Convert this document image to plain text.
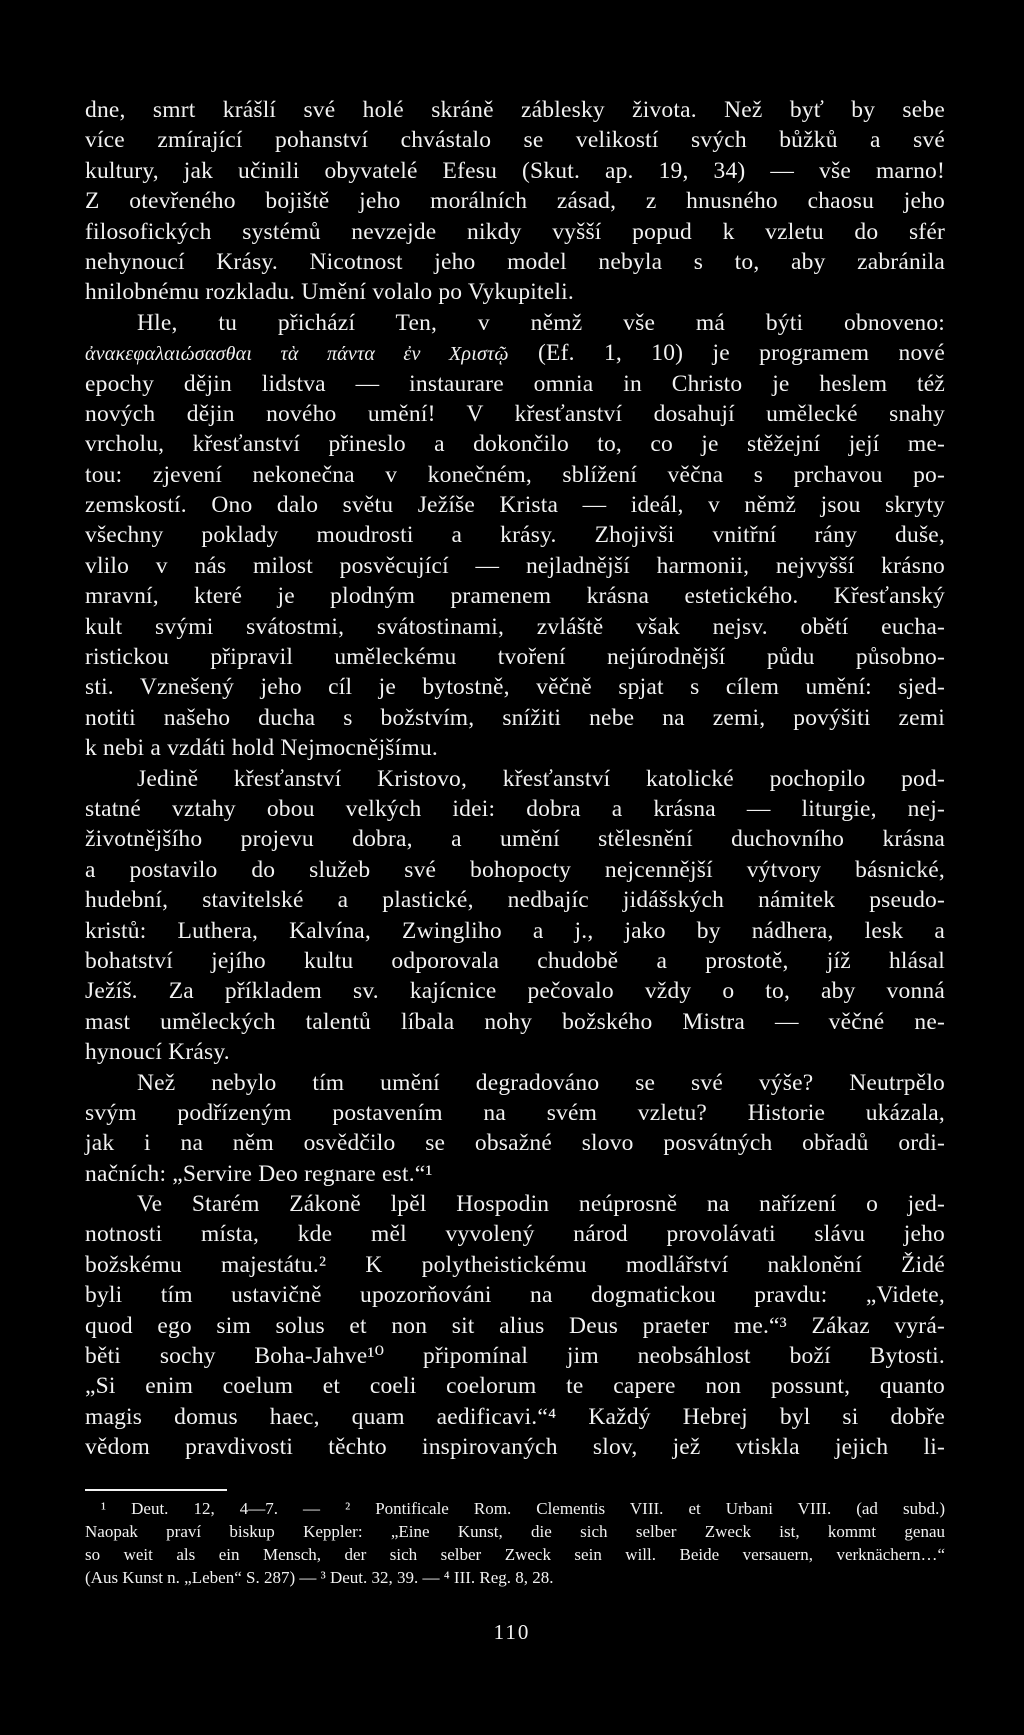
dne, smrt krášlí své holé skráně záblesky života. Než byť by sebe
více zmírající pohanství chvástalo se velikostí svých bůžků a své
kultury, jak učinili obyvatelé Efesu (Skut. ap. 19, 34) — vše marno!
Z otevřeného bojiště jeho morálních zásad, z hnusného chaosu jeho
filosofických systémů nevzejde nikdy vyšší popud k vzletu do sfér
nehynoucí Krásy. Nicotnost jeho model nebyla s to, aby zabránila
hnilobnému rozkladu. Umění volalo po Vykupiteli.
Hle, tu přichází Ten, v němž vše má býti obnoveno:
ἀνακεφαλαιώσασθαι τὰ πάντα ἐν Χριστῷ (Ef. 1, 10) je programem nové
epochy dějin lidstva — instaurare omnia in Christo je heslem též
nových dějin nového umění! V křesťanství dosahují umělecké snahy
vrcholu, křesťanství přineslo a dokončilo to, co je stěžejní její me-
tou: zjevení nekonečna v konečném, sblížení věčna s prchavou po-
zemskostí. Ono dalo světu Ježíše Krista — ideál, v němž jsou skryty
všechny poklady moudrosti a krásy. Zhojivši vnitřní rány duše,
vlilo v nás milost posvěcující — nejladnější harmonii, nejvyšší krásno
mravní, které je plodným pramenem krásna estetického. Křesťanský
kult svými svátostmi, svátostinami, zvláště však nejsv. obětí eucha-
ristickou připravil uměleckému tvoření nejúrodnější půdu působno-
sti. Vznešený jeho cíl je bytostně, věčně spjat s cílem umění: sjed-
notiti našeho ducha s božstvím, snížiti nebe na zemi, povýšiti zemi
k nebi a vzdáti hold Nejmocnějšímu.
Jedině křesťanství Kristovo, křesťanství katolické pochopilo pod-
statné vztahy obou velkých idei: dobra a krásna — liturgie, nej-
životnějšího projevu dobra, a umění stělesnění duchovního krásna
a postavilo do služeb své bohopocty nejcennější výtvory básnické,
hudební, stavitelské a plastické, nedbajíc jidášských námitek pseudo-
kristů: Luthera, Kalvína, Zwingliho a j., jako by nádhera, lesk a
bohatství jejího kultu odporovala chudobě a prostotě, jíž hlásal
Ježíš. Za příkladem sv. kajícnice pečovalo vždy o to, aby vonná
mast uměleckých talentů líbala nohy božského Mistra — věčné ne-
hynoucí Krásy.
Než nebylo tím umění degradováno se své výše? Neutrpělo
svým podřízeným postavením na svém vzletu? Historie ukázala,
jak i na něm osvědčilo se obsažné slovo posvátných obřadů ordi-
načních: „Servire Deo regnare est.“¹
Ve Starém Zákoně lpěl Hospodin neúprosně na nařízení o jed-
notnosti místa, kde měl vyvolený národ provolávati slávu jeho
božskému majestátu.² K polytheistickému modlářství naklonění Židé
byli tím ustavičně upozorňováni na dogmatickou pravdu: „Videte,
quod ego sim solus et non sit alius Deus praeter me.“³ Zákaz vyrá-
běti sochy Boha-Jahve¹⁰ připomínal jim neobsáhlost boží Bytosti.
„Si enim coelum et coeli coelorum te capere non possunt, quanto
magis domus haec, quam aedificavi.“⁴ Každý Hebrej byl si dobře
vědom pravdivosti těchto inspirovaných slov, jež vtiskla jejich li-
¹ Deut. 12, 4—7. — ² Pontificale Rom. Clementis VIII. et Urbani VIII. (ad subd.)
Naopak praví biskup Keppler: „Eine Kunst, die sich selber Zweck ist, kommt genau
so weit als ein Mensch, der sich selber Zweck sein will. Beide versauern, verknächern…“
(Aus Kunst n. „Leben“ S. 287) — ³ Deut. 32, 39. — ⁴ III. Reg. 8, 28.
110
